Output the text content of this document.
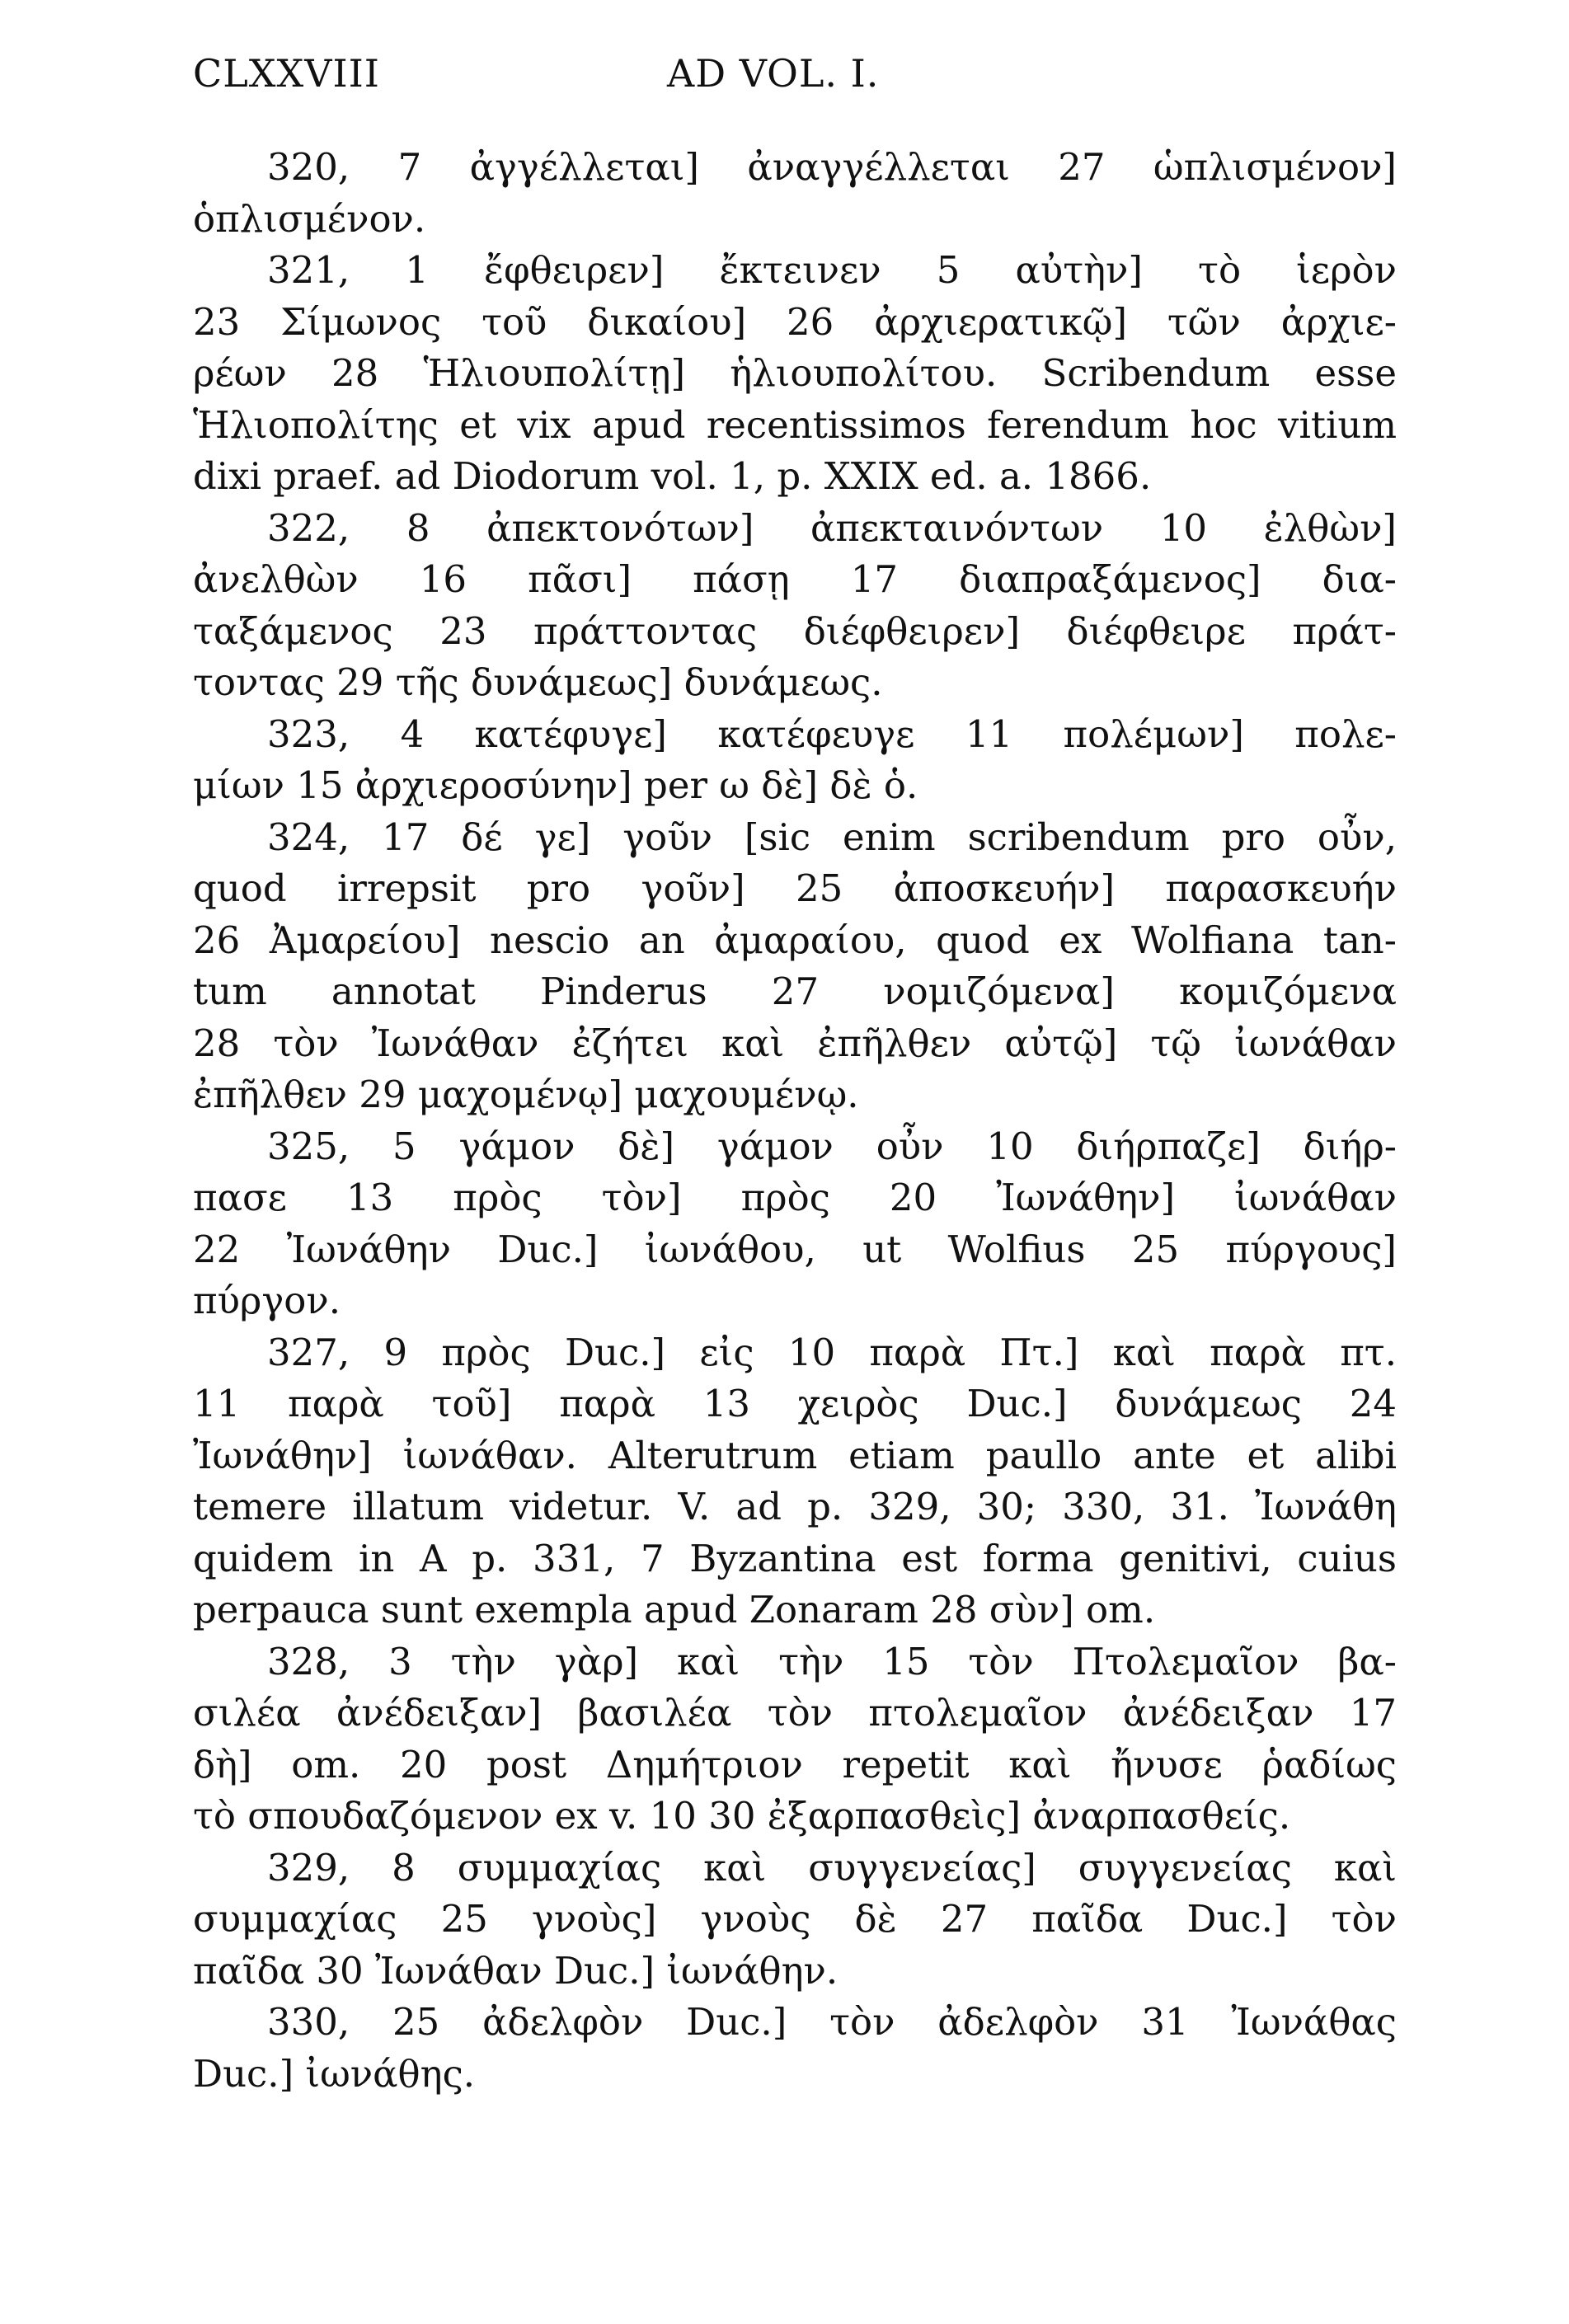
CLXXVIII	AD VOL. I.
320, 7 ἀγγέλλεται] ἀναγγέλλεται 27 ὡπλισμένον]
ὁπλισμένον.
321, 1 ἔφθειρεν] ἔκτεινεν 5 αὐτὴν] τὸ ἱερὸν
23 Σίμωνος τοῦ δικαίου] 26 ἀρχιερατικῷ] τῶν ἀρχιε-
ρέων 28 Ἡλιουπολίτῃ] ἡλιουπολίτου. Scribendum esse
Ἡλιοπολίτης et vix apud recentissimos ferendum hoc vitium
dixi praef. ad Diodorum vol. 1, p. XXIX ed. a. 1866.
322, 8 ἀπεκτονότων] ἀπεκταινόντων 10 ἐλθὼν]
ἀνελθὼν 16 πᾶσι] πάσῃ 17 διαπραξάμενος] δια-
ταξάμενος 23 πράττοντας διέφθειρεν] διέφθειρε πράτ-
τοντας 29 τῆς δυνάμεως] δυνάμεως.
323, 4 κατέφυγε] κατέφευγε 11 πολέμων] πολε-
μίων 15 ἀρχιεροσύνην] per ω δὲ] δὲ ὁ.
324, 17 δέ γε] γοῦν [sic enim scribendum pro οὖν,
quod irrepsit pro γοῦν] 25 ἀποσκευήν] παρασκευήν
26 Ἀμαρείου] nescio an ἀμαραίου, quod ex Wolfiana tan-
tum annotat Pinderus 27 νομιζόμενα] κομιζόμενα
28 τὸν Ἰωνάθαν ἐζήτει καὶ ἐπῆλθεν αὐτῷ] τῷ ἰωνάθαν
ἐπῆλθεν 29 μαχομένῳ] μαχουμένῳ.
325, 5 γάμον δὲ] γάμον οὖν 10 διήρπαζε] διήρ-
πασε 13 πρὸς τὸν] πρὸς 20 Ἰωνάθην] ἰωνάθαν
22 Ἰωνάθην Duc.] ἰωνάθου, ut Wolfius 25 πύργους]
πύργον.
327, 9 πρὸς Duc.] εἰς 10 παρὰ Πτ.] καὶ παρὰ πτ.
11 παρὰ τοῦ] παρὰ 13 χειρὸς Duc.] δυνάμεως 24
Ἰωνάθην] ἰωνάθαν. Alterutrum etiam paullo ante et alibi
temere illatum videtur. V. ad p. 329, 30; 330, 31. Ἰωνάθη
quidem in A p. 331, 7 Byzantina est forma genitivi, cuius
perpauca sunt exempla apud Zonaram 28 σὺν] om.
328, 3 τὴν γὰρ] καὶ τὴν 15 τὸν Πτολεμαῖον βα-
σιλέα ἀνέδειξαν] βασιλέα τὸν πτολεμαῖον ἀνέδειξαν 17
δὴ] om. 20 post Δημήτριον repetit καὶ ἤνυσε ῥαδίως
τὸ σπουδαζόμενον ex v. 10 30 ἐξαρπασθεὶς] ἀναρπασθείς.
329, 8 συμμαχίας καὶ συγγενείας] συγγενείας καὶ
συμμαχίας 25 γνοὺς] γνοὺς δὲ 27 παῖδα Duc.] τὸν
παῖδα 30 Ἰωνάθαν Duc.] ἰωνάθην.
330, 25 ἀδελφὸν Duc.] τὸν ἀδελφὸν 31 Ἰωνάθας
Duc.] ἰωνάθης.
